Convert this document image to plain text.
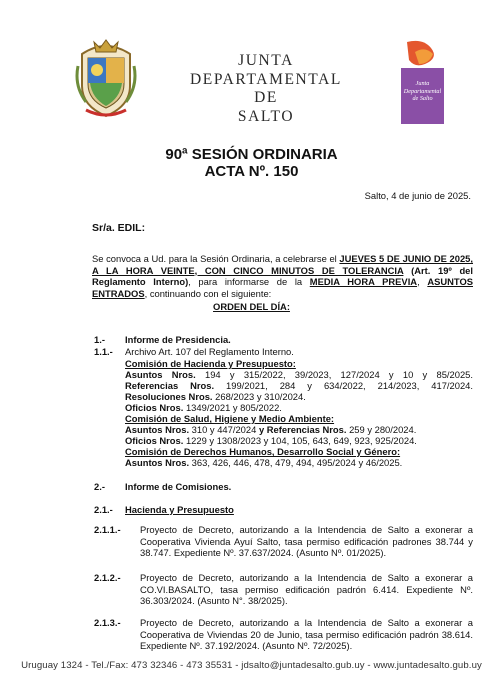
JUNTA
DEPARTAMENTAL
DE
SALTO
Junta
Departamental
de Salto
90ª SESIÓN ORDINARIA
ACTA Nº. 150
Salto, 4 de junio de 2025.
Sr/a. EDIL:
Se convoca a Ud. para la Sesión Ordinaria, a celebrarse el JUEVES 5 DE JUNIO DE 2025, A LA HORA VEINTE, CON CINCO MINUTOS DE TOLERANCIA (Art. 19º del Reglamento Interno), para informarse de la MEDIA HORA PREVIA, ASUNTOS ENTRADOS, continuando con el siguiente:
ORDEN DEL DÍA:
1.- Informe de Presidencia.
1.1.- Archivo Art. 107 del Reglamento Interno.
Comisión de Hacienda y Presupuesto:
Asuntos Nros. 194 y 315/2022, 39/2023, 127/2024 y 10 y 85/2025.
Referencias Nros. 199/2021, 284 y 634/2022, 214/2023, 417/2024.
Resoluciones Nros. 268/2023 y 310/2024.
Oficios Nros. 1349/2021 y 805/2022.
Comisión de Salud, Higiene y Medio Ambiente:
Asuntos Nros. 310 y 447/2024 y Referencias Nros. 259 y 280/2024.
Oficios Nros. 1229 y 1308/2023 y 104, 105, 643, 649, 923, 925/2024.
Comisión de Derechos Humanos, Desarrollo Social y Género:
Asuntos Nros. 363, 426, 446, 478, 479, 494, 495/2024 y 46/2025.
2.- Informe de Comisiones.
2.1.- Hacienda y Presupuesto
2.1.1.- Proyecto de Decreto, autorizando a la Intendencia de Salto a exonerar a
Cooperativa Vivienda Ayuí Salto, tasa permiso edificación padrones 38.744 y
38.747. Expediente Nº. 37.637/2024. (Asunto Nº. 01/2025).
2.1.2.- Proyecto de Decreto, autorizando a la Intendencia de Salto a exonerar a
CO.VI.BASALTO, tasa permiso edificación padrón 6.414. Expediente Nº.
36.303/2024. (Asunto N°. 38/2025).
2.1.3.- Proyecto de Decreto, autorizando a la Intendencia de Salto a exonerar a
Cooperativa de Viviendas 20 de Junio, tasa permiso edificación padrón 38.614.
Expediente Nº. 37.192/2024. (Asunto Nº. 72/2025).
Uruguay 1324 - Tel./Fax: 473 32346 - 473 35531 - jdsalto@juntadesalto.gub.uy - www.juntadesalto.gub.uy
